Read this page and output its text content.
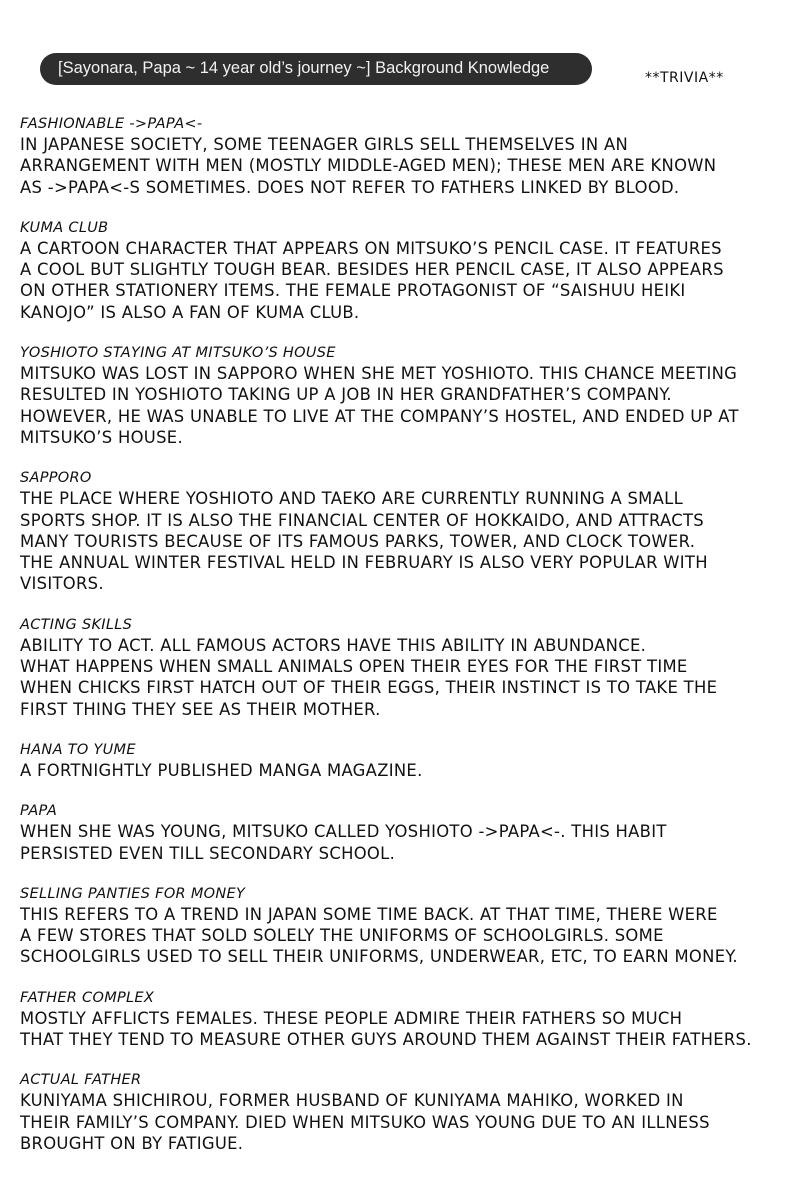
[Sayonara, Papa ~ 14 year old’s journey ~] Background Knowledge
**TRIVIA**
FASHIONABLE ->PAPA<-
IN JAPANESE SOCIETY, SOME TEENAGER GIRLS SELL THEMSELVES IN AN
ARRANGEMENT WITH MEN (MOSTLY MIDDLE-AGED MEN); THESE MEN ARE KNOWN
AS ->PAPA<-S SOMETIMES. DOES NOT REFER TO FATHERS LINKED BY BLOOD.
KUMA CLUB
A CARTOON CHARACTER THAT APPEARS ON MITSUKO’S PENCIL CASE. IT FEATURES
A COOL BUT SLIGHTLY TOUGH BEAR. BESIDES HER PENCIL CASE, IT ALSO APPEARS
ON OTHER STATIONERY ITEMS. THE FEMALE PROTAGONIST OF “SAISHUU HEIKI
KANOJO” IS ALSO A FAN OF KUMA CLUB.
YOSHIOTO STAYING AT MITSUKO’S HOUSE
MITSUKO WAS LOST IN SAPPORO WHEN SHE MET YOSHIOTO. THIS CHANCE MEETING
RESULTED IN YOSHIOTO TAKING UP A JOB IN HER GRANDFATHER’S COMPANY.
HOWEVER, HE WAS UNABLE TO LIVE AT THE COMPANY’S HOSTEL, AND ENDED UP AT
MITSUKO’S HOUSE.
SAPPORO
THE PLACE WHERE YOSHIOTO AND TAEKO ARE CURRENTLY RUNNING A SMALL
SPORTS SHOP. IT IS ALSO THE FINANCIAL CENTER OF HOKKAIDO, AND ATTRACTS
MANY TOURISTS BECAUSE OF ITS FAMOUS PARKS, TOWER, AND CLOCK TOWER.
THE ANNUAL WINTER FESTIVAL HELD IN FEBRUARY IS ALSO VERY POPULAR WITH
VISITORS.
ACTING SKILLS
ABILITY TO ACT. ALL FAMOUS ACTORS HAVE THIS ABILITY IN ABUNDANCE.
WHAT HAPPENS WHEN SMALL ANIMALS OPEN THEIR EYES FOR THE FIRST TIME
WHEN CHICKS FIRST HATCH OUT OF THEIR EGGS, THEIR INSTINCT IS TO TAKE THE
FIRST THING THEY SEE AS THEIR MOTHER.
HANA TO YUME
A FORTNIGHTLY PUBLISHED MANGA MAGAZINE.
PAPA
WHEN SHE WAS YOUNG, MITSUKO CALLED YOSHIOTO ->PAPA<-. THIS HABIT
PERSISTED EVEN TILL SECONDARY SCHOOL.
SELLING PANTIES FOR MONEY
THIS REFERS TO A TREND IN JAPAN SOME TIME BACK. AT THAT TIME, THERE WERE
A FEW STORES THAT SOLD SOLELY THE UNIFORMS OF SCHOOLGIRLS. SOME
SCHOOLGIRLS USED TO SELL THEIR UNIFORMS, UNDERWEAR, ETC, TO EARN MONEY.
FATHER COMPLEX
MOSTLY AFFLICTS FEMALES. THESE PEOPLE ADMIRE THEIR FATHERS SO MUCH
THAT THEY TEND TO MEASURE OTHER GUYS AROUND THEM AGAINST THEIR FATHERS.
ACTUAL FATHER
KUNIYAMA SHICHIROU, FORMER HUSBAND OF KUNIYAMA MAHIKO, WORKED IN
THEIR FAMILY’S COMPANY. DIED WHEN MITSUKO WAS YOUNG DUE TO AN ILLNESS
BROUGHT ON BY FATIGUE.
